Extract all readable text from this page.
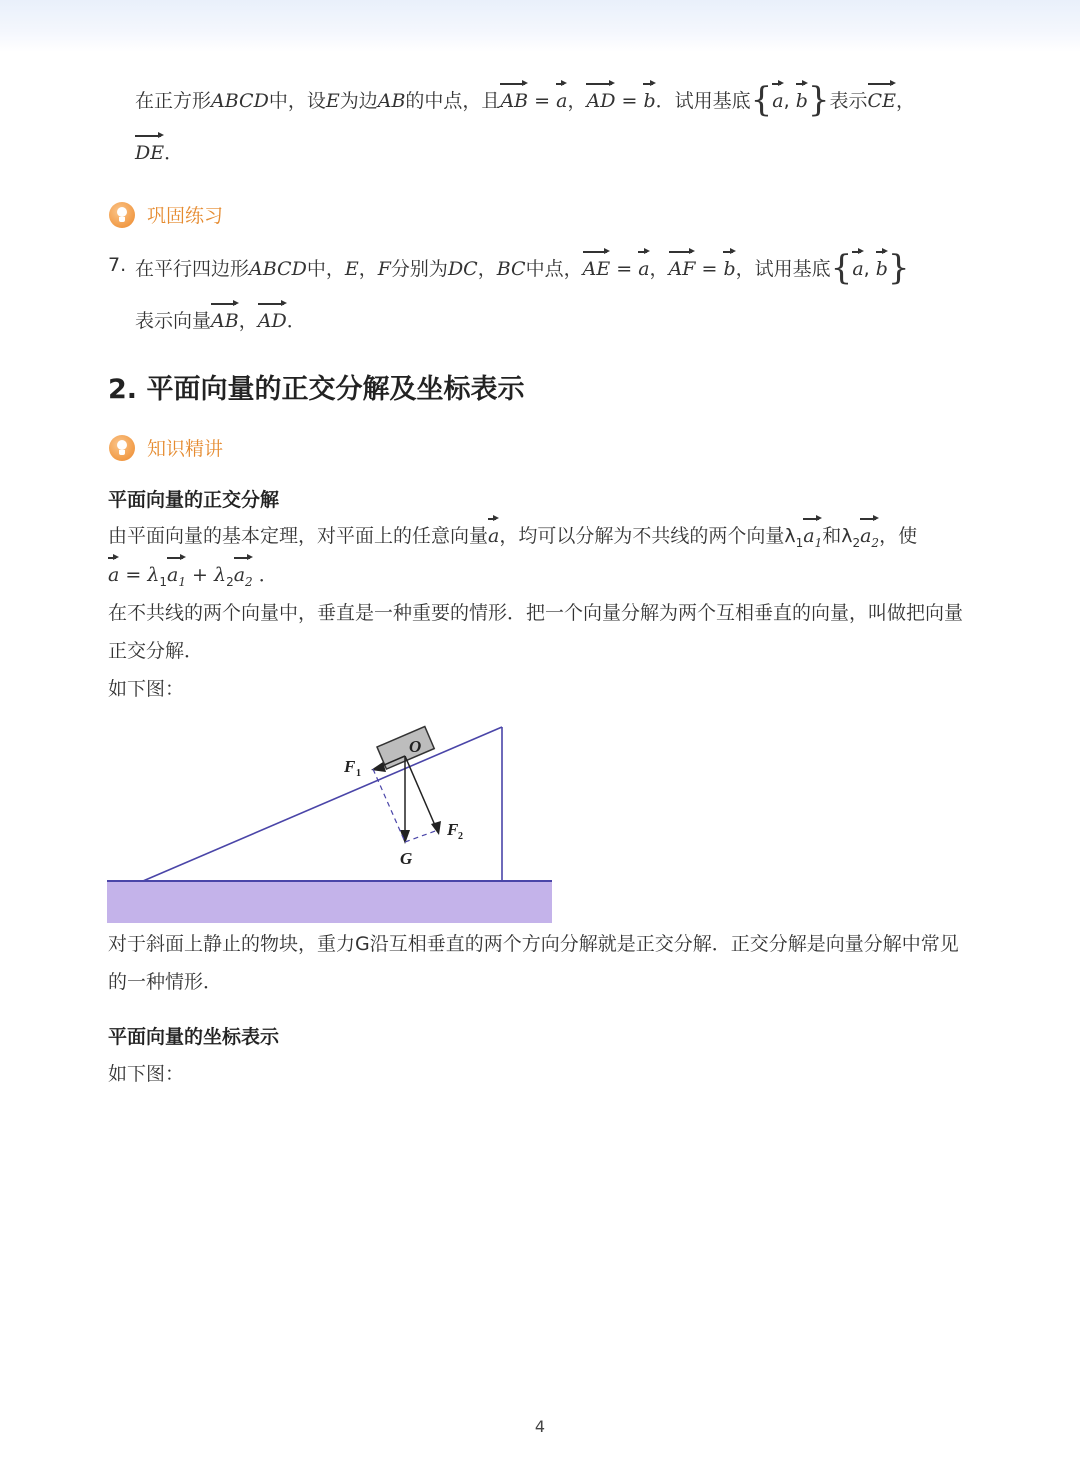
在正方形ABCD中，设E为边AB的中点，且AB = a，AD = b．试用基底{a, b}表示CE，
DE．
巩固练习
7. 在平行四边形ABCD中，E，F分别为DC，BC中点，AE = a，AF = b，试用基底{a, b}
表示向量AB，AD．
2. 平面向量的正交分解及坐标表示
知识精讲
平面向量的正交分解
由平面向量的基本定理，对平面上的任意向量a，均可以分解为不共线的两个向量$\lambda_1a_1$和$\lambda_2a_2$，使
$a = \lambda_1a_1 + \lambda_2a_2$ ．
在不共线的两个向量中，垂直是一种重要的情形．把一个向量分解为两个互相垂直的向量，叫做把向量
正交分解．
如下图：
O
F 1
F 2
G
对于斜面上静止的物块，重力G沿互相垂直的两个方向分解就是正交分解．正交分解是向量分解中常见
的一种情形．
平面向量的坐标表示
如下图：
4
